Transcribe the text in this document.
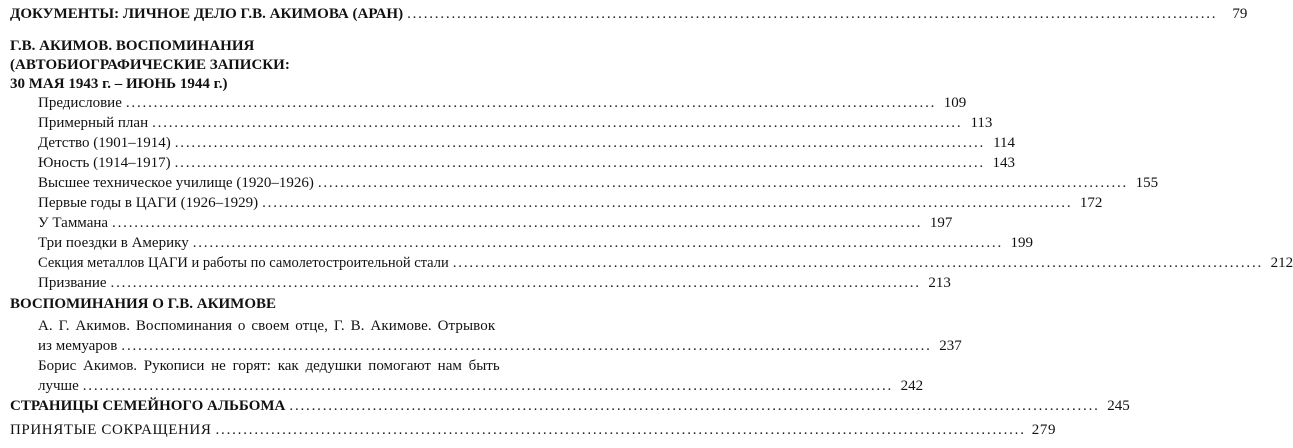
ДОКУМЕНТЫ: ЛИЧНОЕ ДЕЛО Г.В. АКИМОВА (АРАН) ..................................................................................................................................................	79
Г.В. АКИМОВ. ВОСПОМИНАНИЯ
(АВТОБИОГРАФИЧЕСКИЕ ЗАПИСКИ:
30 МАЯ 1943 г. – ИЮНЬ 1944 г.)
Предисловие .................................................................................................................................................. 109
Примерный план .................................................................................................................................................. 113
Детство (1901–1914) .................................................................................................................................................. 114
Юность (1914–1917) .................................................................................................................................................. 143
Высшее техническое училище (1920–1926) .................................................................................................................................................. 155
Первые годы в ЦАГИ (1926–1929) .................................................................................................................................................. 172
У Таммана .................................................................................................................................................. 197
Три поездки в Америку .................................................................................................................................................. 199
Секция металлов ЦАГИ и работы по самолетостроительной стали .................................................................................................................................................. 212
Призвание .................................................................................................................................................. 213
ВОСПОМИНАНИЯ О Г.В. АКИМОВЕ
А. Г. Акимов. Воспоминания о своем отце, Г. В. Акимове. Отрывок
из мемуаров .................................................................................................................................................. 237
Борис Акимов. Рукописи не горят: как дедушки помогают нам быть
лучше .................................................................................................................................................. 242
СТРАНИЦЫ СЕМЕЙНОГО АЛЬБОМА .................................................................................................................................................. 245
ПРИНЯТЫЕ СОКРАЩЕНИЯ .................................................................................................................................................. 279
